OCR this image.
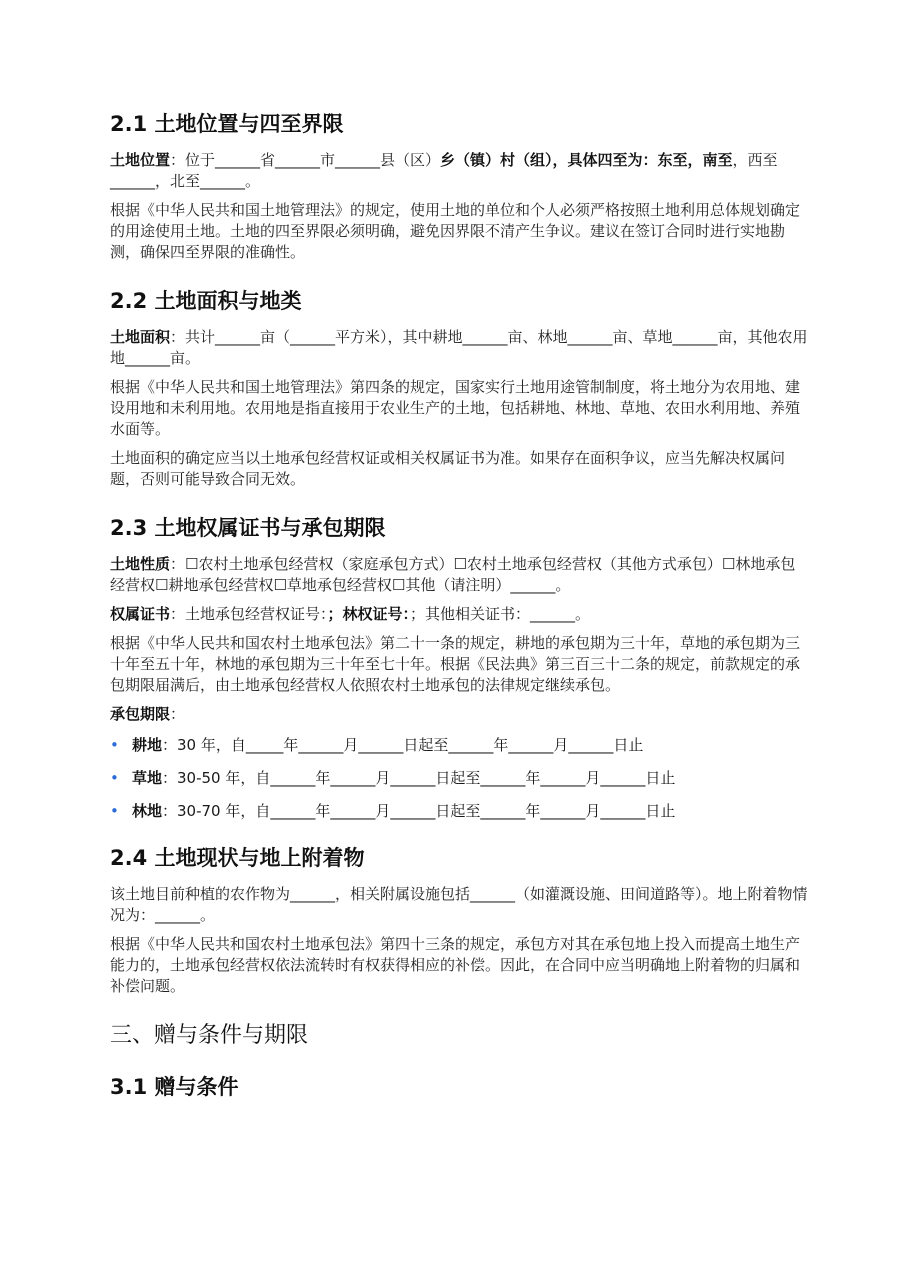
2.1 土地位置与四至界限

土地位置：位于______省______市______县（区）乡（镇）村（组），具体四至为：东至，南至，西至______，北至______。

根据《中华人民共和国土地管理法》的规定，使用土地的单位和个人必须严格按照土地利用总体规划确定的用途使用土地。土地的四至界限必须明确，避免因界限不清产生争议。建议在签订合同时进行实地勘测，确保四至界限的准确性。

2.2 土地面积与地类

土地面积：共计______亩（______平方米），其中耕地______亩、林地______亩、草地______亩，其他农用地______亩。

根据《中华人民共和国土地管理法》第四条的规定，国家实行土地用途管制制度，将土地分为农用地、建设用地和未利用地。农用地是指直接用于农业生产的土地，包括耕地、林地、草地、农田水利用地、养殖水面等。

土地面积的确定应当以土地承包经营权证或相关权属证书为准。如果存在面积争议，应当先解决权属问题，否则可能导致合同无效。

2.3 土地权属证书与承包期限

土地性质：☐农村土地承包经营权（家庭承包方式）☐农村土地承包经营权（其他方式承包）☐林地承包经营权☐耕地承包经营权☐草地承包经营权☐其他（请注明）______。

权属证书：土地承包经营权证号：；林权证号：；其他相关证书：______。

根据《中华人民共和国农村土地承包法》第二十一条的规定，耕地的承包期为三十年，草地的承包期为三十年至五十年，林地的承包期为三十年至七十年。根据《民法典》第三百三十二条的规定，前款规定的承包期限届满后，由土地承包经营权人依照农村土地承包的法律规定继续承包。

承包期限：

• 耕地：30 年，自_____年______月______日起至______年______月______日止
• 草地：30-50 年，自______年______月______日起至______年______月______日止
• 林地：30-70 年，自______年______月______日起至______年______月______日止
2.4 土地现状与地上附着物

该土地目前种植的农作物为______，相关附属设施包括______（如灌溉设施、田间道路等）。地上附着物情况为：______。

根据《中华人民共和国农村土地承包法》第四十三条的规定，承包方对其在承包地上投入而提高土地生产能力的，土地承包经营权依法流转时有权获得相应的补偿。因此，在合同中应当明确地上附着物的归属和补偿问题。

三、赠与条件与期限
3.1 赠与条件
